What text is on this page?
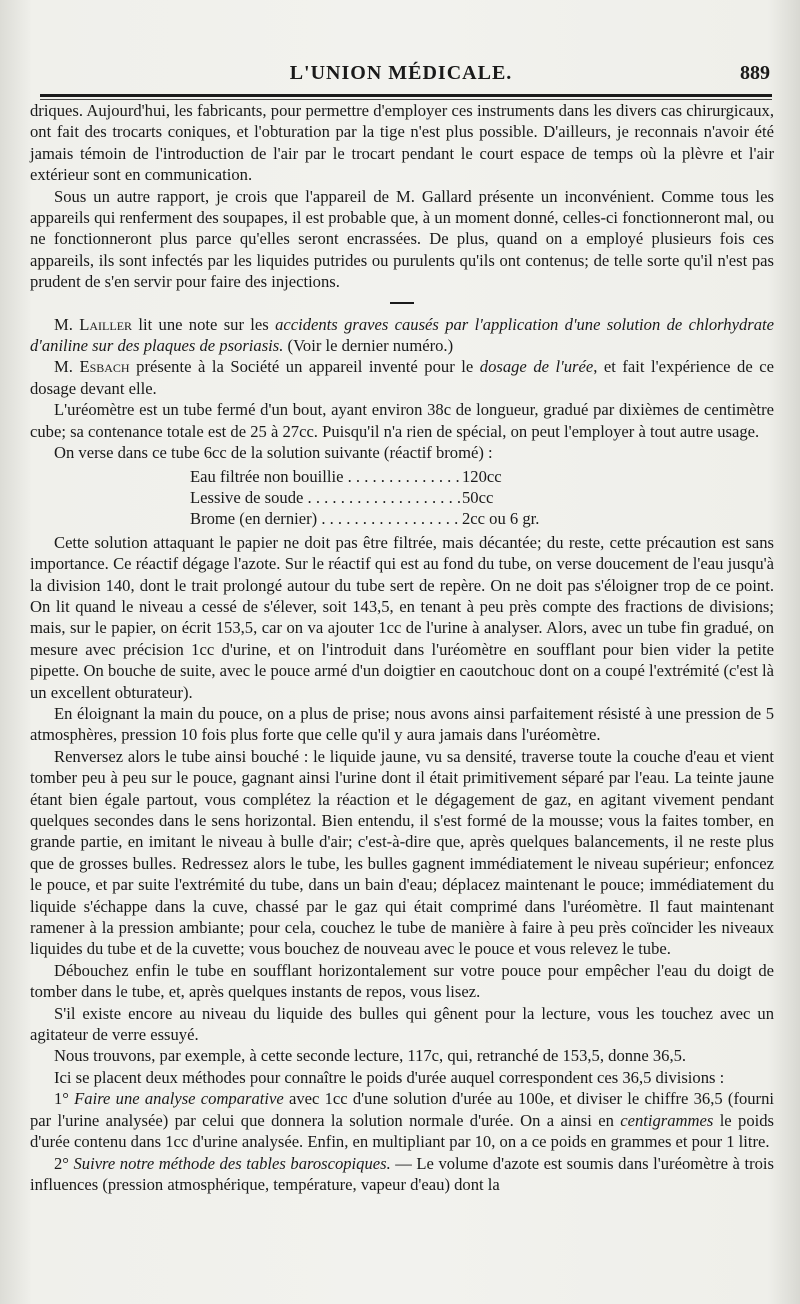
L'UNION MÉDICALE.	889

driques. Aujourd'hui, les fabricants, pour permettre d'employer ces instruments dans les divers cas chirurgicaux, ont fait des trocarts coniques, et l'obturation par la tige n'est plus possible. D'ailleurs, je reconnais n'avoir été jamais témoin de l'introduction de l'air par le trocart pendant le court espace de temps où la plèvre et l'air extérieur sont en communication.

Sous un autre rapport, je crois que l'appareil de M. Gallard présente un inconvénient. Comme tous les appareils qui renferment des soupapes, il est probable que, à un moment donné, celles-ci fonctionneront mal, ou ne fonctionneront plus parce qu'elles seront encrassées. De plus, quand on a employé plusieurs fois ces appareils, ils sont infectés par les liquides putrides ou purulents qu'ils ont contenus; de telle sorte qu'il n'est pas prudent de s'en servir pour faire des injections.

M. Lailler lit une note sur les accidents graves causés par l'application d'une solution de chlorhydrate d'aniline sur des plaques de psoriasis. (Voir le dernier numéro.)

M. Esbach présente à la Société un appareil inventé pour le dosage de l'urée, et fait l'expérience de ce dosage devant elle.

L'uréomètre est un tube fermé d'un bout, ayant environ 38c de longueur, gradué par dixièmes de centimètre cube; sa contenance totale est de 25 à 27cc. Puisqu'il n'a rien de spécial, on peut l'employer à tout autre usage.

On verse dans ce tube 6cc de la solution suivante (réactif bromé) :

Eau filtrée non bouillie . . .	120cc
Lessive de soude . . .	50cc
Brome (en dernier) . . .	2cc ou 6 gr.

Cette solution attaquant le papier ne doit pas être filtrée, mais décantée; du reste, cette précaution est sans importance. Ce réactif dégage l'azote. Sur le réactif qui est au fond du tube, on verse doucement de l'eau jusqu'à la division 140, dont le trait prolongé autour du tube sert de repère. On ne doit pas s'éloigner trop de ce point. On lit quand le niveau a cessé de s'élever, soit 143,5, en tenant à peu près compte des fractions de divisions; mais, sur le papier, on écrit 153,5, car on va ajouter 1cc de l'urine à analyser. Alors, avec un tube fin gradué, on mesure avec précision 1cc d'urine, et on l'introduit dans l'uréomètre en soufflant pour bien vider la petite pipette. On bouche de suite, avec le pouce armé d'un doigtier en caoutchouc dont on a coupé l'extrémité (c'est là un excellent obturateur).

En éloignant la main du pouce, on a plus de prise; nous avons ainsi parfaitement résisté à une pression de 5 atmosphères, pression 10 fois plus forte que celle qu'il y aura jamais dans l'uréomètre.

Renversez alors le tube ainsi bouché : le liquide jaune, vu sa densité, traverse toute la couche d'eau et vient tomber peu à peu sur le pouce, gagnant ainsi l'urine dont il était primitivement séparé par l'eau. La teinte jaune étant bien égale partout, vous complétez la réaction et le dégagement de gaz, en agitant vivement pendant quelques secondes dans le sens horizontal. Bien entendu, il s'est formé de la mousse; vous la faites tomber, en grande partie, en imitant le niveau à bulle d'air; c'est-à-dire que, après quelques balancements, il ne reste plus que de grosses bulles. Redressez alors le tube, les bulles gagnent immédiatement le niveau supérieur; enfoncez le pouce, et par suite l'extrémité du tube, dans un bain d'eau; déplacez maintenant le pouce; immédiatement du liquide s'échappe dans la cuve, chassé par le gaz qui était comprimé dans l'uréomètre. Il faut maintenant ramener à la pression ambiante; pour cela, couchez le tube de manière à faire à peu près coïncider les niveaux liquides du tube et de la cuvette; vous bouchez de nouveau avec le pouce et vous relevez le tube.

Débouchez enfin le tube en soufflant horizontalement sur votre pouce pour empêcher l'eau du doigt de tomber dans le tube, et, après quelques instants de repos, vous lisez.

S'il existe encore au niveau du liquide des bulles qui gênent pour la lecture, vous les touchez avec un agitateur de verre essuyé.

Nous trouvons, par exemple, à cette seconde lecture, 117c, qui, retranché de 153,5, donne 36,5.

Ici se placent deux méthodes pour connaître le poids d'urée auquel correspondent ces 36,5 divisions :

1° Faire une analyse comparative avec 1cc d'une solution d'urée au 100e, et diviser le chiffre 36,5 (fourni par l'urine analysée) par celui que donnera la solution normale d'urée. On a ainsi en centigrammes le poids d'urée contenu dans 1cc d'urine analysée. Enfin, en multipliant par 10, on a ce poids en grammes et pour 1 litre.

2° Suivre notre méthode des tables baroscopiques. — Le volume d'azote est soumis dans l'uréomètre à trois influences (pression atmosphérique, température, vapeur d'eau) dont la
